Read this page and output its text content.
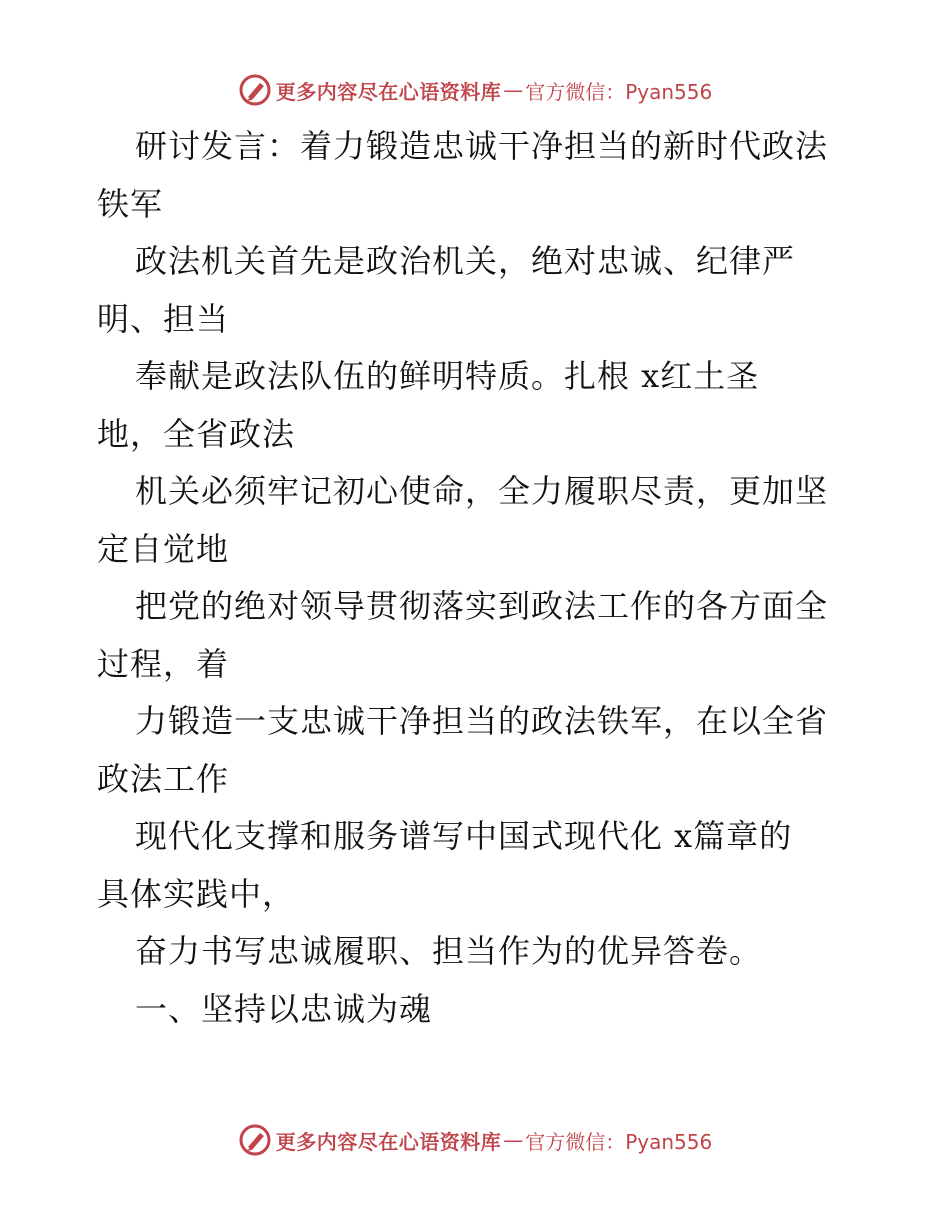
更多内容尽在心语资料库 — 官方微信：Pyan556
研讨发言：着力锻造忠诚干净担当的新时代政法
铁军
政法机关首先是政治机关，绝对忠诚、纪律严
明、担当
奉献是政法队伍的鲜明特质。扎根 x红土圣
地，全省政法
机关必须牢记初心使命，全力履职尽责，更加坚
定自觉地
把党的绝对领导贯彻落实到政法工作的各方面全
过程，着
力锻造一支忠诚干净担当的政法铁军，在以全省
政法工作
现代化支撑和服务谱写中国式现代化 x篇章的
具体实践中，
奋力书写忠诚履职、担当作为的优异答卷。
一、坚持以忠诚为魂
更多内容尽在心语资料库 — 官方微信：Pyan556
